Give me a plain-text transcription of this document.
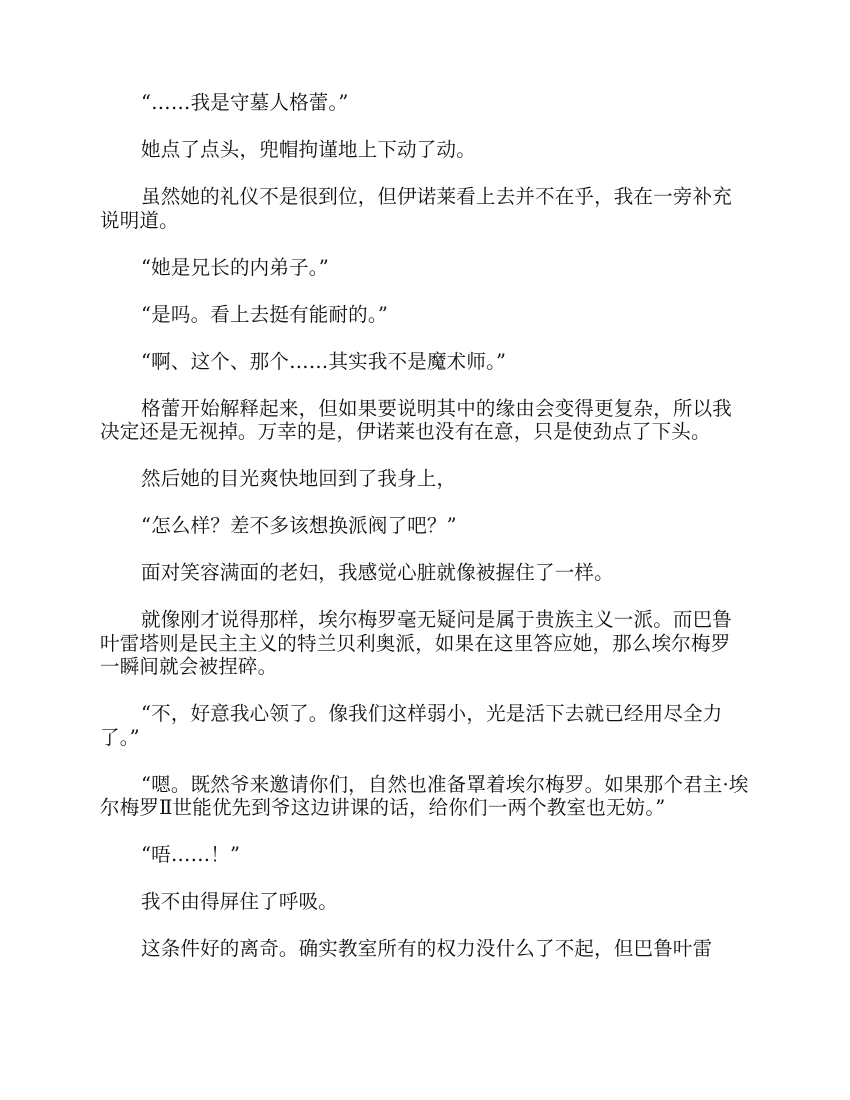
“……我是守墓人格蕾。”

她点了点头，兜帽拘谨地上下动了动。

虽然她的礼仪不是很到位，但伊诺莱看上去并不在乎，我在一旁补充说明道。

“她是兄长的内弟子。”

“是吗。看上去挺有能耐的。”

“啊、这个、那个……其实我不是魔术师。”

格蕾开始解释起来，但如果要说明其中的缘由会变得更复杂，所以我决定还是无视掉。万幸的是，伊诺莱也没有在意，只是使劲点了下头。

然后她的目光爽快地回到了我身上，

“怎么样？差不多该想换派阀了吧？”

面对笑容满面的老妇，我感觉心脏就像被握住了一样。

就像刚才说得那样，埃尔梅罗毫无疑问是属于贵族主义一派。而巴鲁叶雷塔则是民主主义的特兰贝利奥派，如果在这里答应她，那么埃尔梅罗一瞬间就会被捏碎。

“不，好意我心领了。像我们这样弱小，光是活下去就已经用尽全力了。”

“嗯。既然爷来邀请你们，自然也准备罩着埃尔梅罗。如果那个君主·埃尔梅罗Ⅱ世能优先到爷这边讲课的话，给你们一两个教室也无妨。”

“唔……！”

我不由得屏住了呼吸。

这条件好的离奇。确实教室所有的权力没什么了不起，但巴鲁叶雷
